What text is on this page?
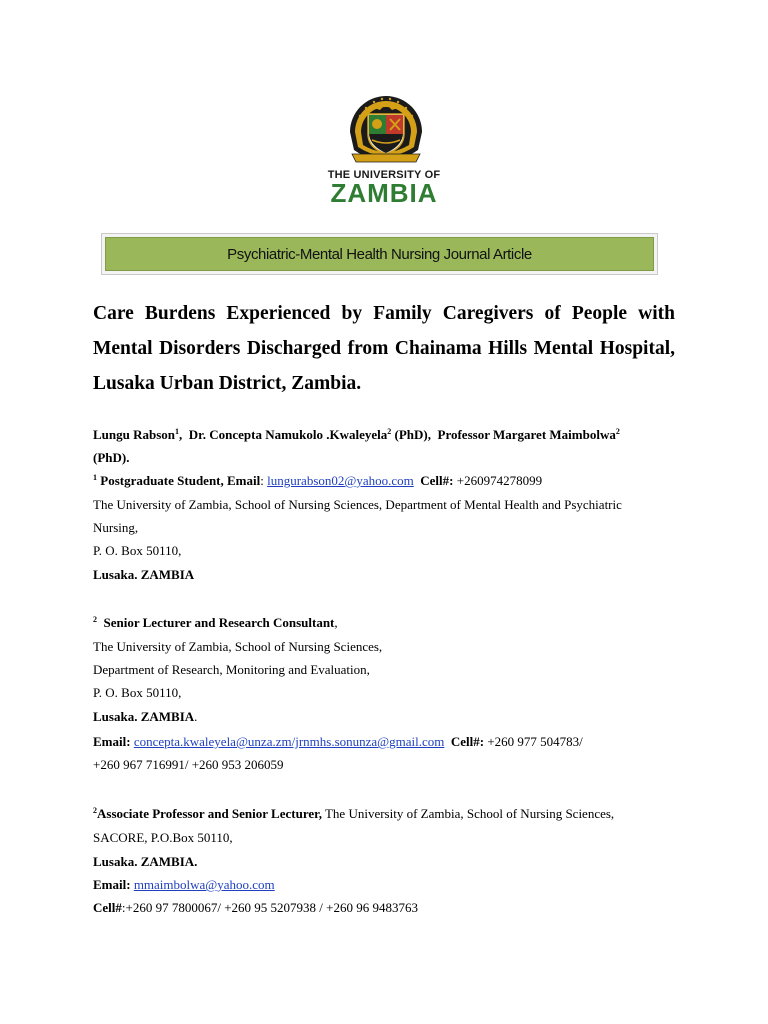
THE UNIVERSITY OF
ZAMBIA
Psychiatric-Mental Health Nursing Journal Article
Care Burdens Experienced by Family Caregivers of People with Mental Disorders Discharged from Chainama Hills Mental Hospital, Lusaka Urban District, Zambia.
Lungu Rabson$^1$,  Dr. Concepta Namukolo .Kwaleyela$^2$ (PhD), Professor Margaret Maimbolwa$^2$
(PhD).
$^1$ Postgraduate Student, Email: lungurabson02@yahoo.com Cell#: +260974278099
The University of Zambia, School of Nursing Sciences, Department of Mental Health and Psychiatric
Nursing,
P. O. Box 50110,
Lusaka. ZAMBIA
$^2$ Senior Lecturer and Research Consultant,
The University of Zambia, School of Nursing Sciences,
Department of Research, Monitoring and Evaluation,
P. O. Box 50110,
Lusaka. ZAMBIA.
Email: concepta.kwaleyela@unza.zm/jrnmhs.sonunza@gmail.com Cell#: +260 977 504783/
+260 967 716991/ +260 953 206059
$^2$Associate Professor and Senior Lecturer, The University of Zambia, School of Nursing Sciences,
SACORE, P.O.Box 50110,
Lusaka. ZAMBIA.
Email: mmaimbolwa@yahoo.com
Cell#:+260 97 7800067/ +260 95 5207938 / +260 96 9483763
